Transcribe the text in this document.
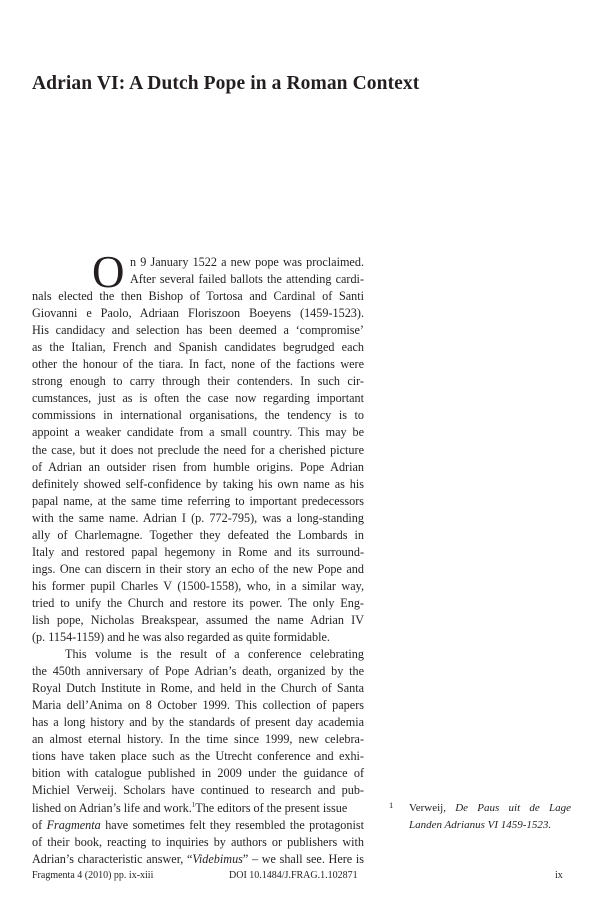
Adrian VI: A Dutch Pope in a Roman Context
O n 9 January 1522 a new pope was proclaimed.
After several failed ballots the attending cardi-
nals elected the then Bishop of Tortosa and Cardinal of Santi
Giovanni e Paolo, Adriaan Floriszoon Boeyens (1459-1523).
His candidacy and selection has been deemed a ‘compromise’
as the Italian, French and Spanish candidates begrudged each
other the honour of the tiara. In fact, none of the factions were
strong enough to carry through their contenders. In such cir-
cumstances, just as is often the case now regarding important
commissions in international organisations, the tendency is to
appoint a weaker candidate from a small country. This may be
the case, but it does not preclude the need for a cherished picture
of Adrian an outsider risen from humble origins. Pope Adrian
definitely showed self-confidence by taking his own name as his
papal name, at the same time referring to important predecessors
with the same name. Adrian I (p. 772-795), was a long-standing
ally of Charlemagne. Together they defeated the Lombards in
Italy and restored papal hegemony in Rome and its surround-
ings. One can discern in their story an echo of the new Pope and
his former pupil Charles V (1500-1558), who, in a similar way,
tried to unify the Church and restore its power. The only Eng-
lish pope, Nicholas Breakspear, assumed the name Adrian IV
(p. 1154-1159) and he was also regarded as quite formidable.
This volume is the result of a conference celebrating
the 450th anniversary of Pope Adrian’s death, organized by the
Royal Dutch Institute in Rome, and held in the Church of Santa
Maria dell’Anima on 8 October 1999. This collection of papers
has a long history and by the standards of present day academia
an almost eternal history. In the time since 1999, new celebra-
tions have taken place such as the Utrecht conference and exhi-
bition with catalogue published in 2009 under the guidance of
Michiel Verweij. Scholars have continued to research and pub-
lished on Adrian’s life and work.$^1$The editors of the present issue
of Fragmenta have sometimes felt they resembled the protagonist
of their book, reacting to inquiries by authors or publishers with
Adrian’s characteristic answer, “Videbimus” – we shall see. Here is
1	Verweij, De Paus uit de Lage
Landen Adrianus VI 1459-1523.
Fragmenta 4 (2010) pp. ix-xiii	DOI 10.1484/J.FRAG.1.102871	ix
